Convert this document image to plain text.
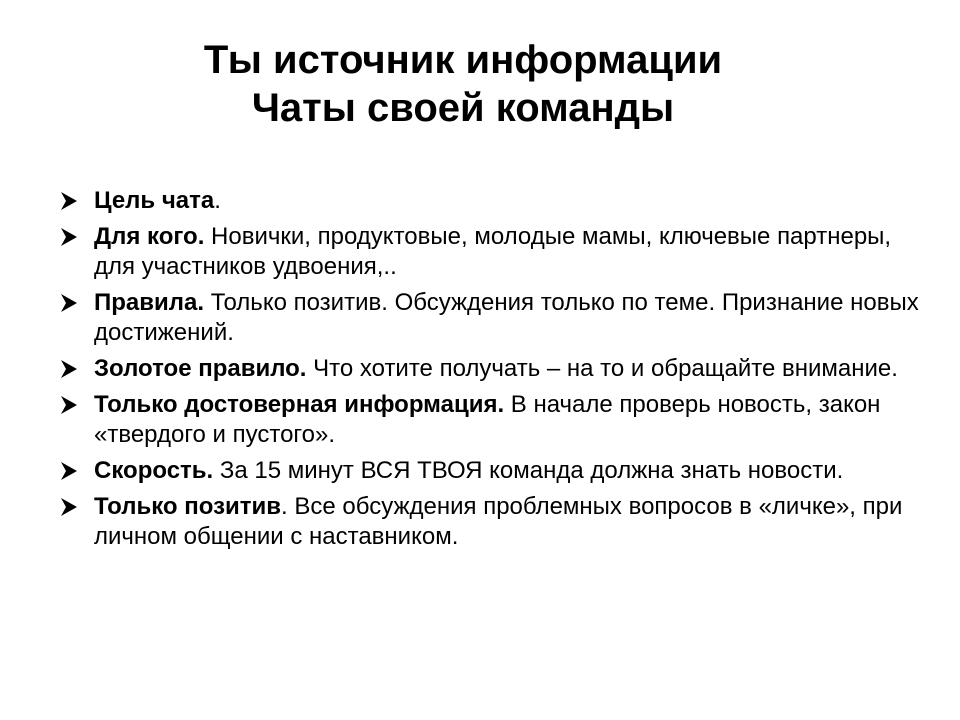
Ты источник информации
Чаты своей команды
Цель чата.
Для кого. Новички, продуктовые, молодые мамы, ключевые партнеры, для участников удвоения,..
Правила. Только позитив. Обсуждения только по теме. Признание новых достижений.
Золотое правило. Что хотите получать – на то и обращайте внимание.
Только достоверная информация. В начале проверь новость, закон «твердого и пустого».
Скорость. За 15 минут ВСЯ ТВОЯ команда должна знать новости.
Только позитив. Все обсуждения проблемных вопросов в «личке», при личном общении с наставником.
